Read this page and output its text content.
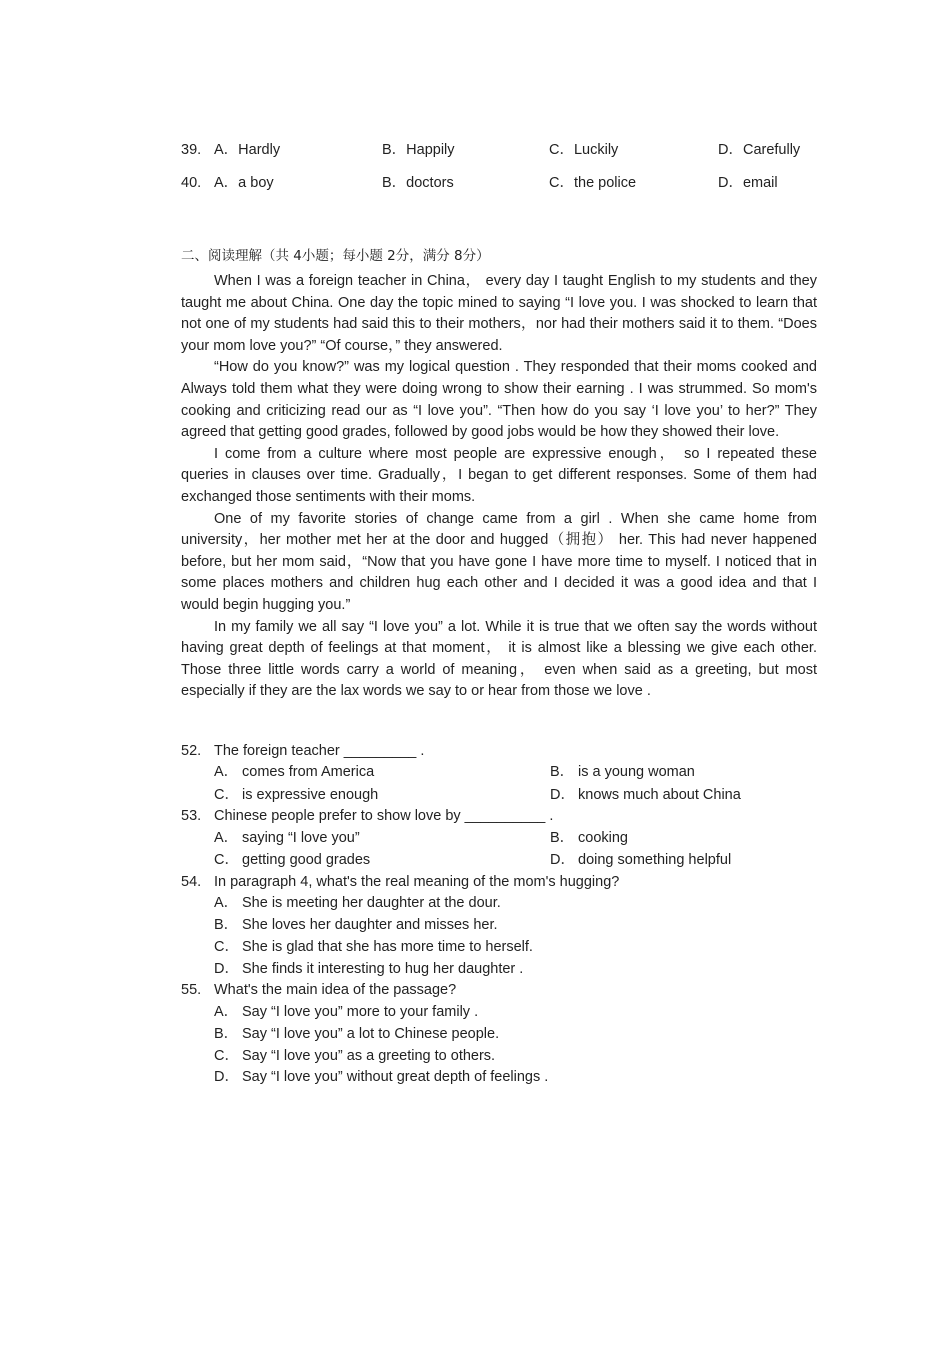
39. A．Hardly	B．Happily	C．Luckily	D．Carefully
40. A．a boy	B．doctors	C．the police	D．email
二、阅读理解（共 4小题；每小题 2分，满分 8分）

When I was a foreign teacher in China， every day I taught English to my students and they taught me about China. One day the topic mined to saying “I love you. I was shocked to learn that not one of my students had said this to their mothers，nor had their mothers said it to them. “Does your mom love you?” “Of course，” they answered.

“How do you know?” was my logical question . They responded that their moms cooked and Always told them what they were doing wrong to show their earning . I was strummed. So mom's cooking and criticizing read our as “I love you”. “Then how do you say ‘I love you’ to her?” They agreed that getting good grades, followed by good jobs would be how they showed their love.

I come from a culture where most people are expressive enough， so I repeated these queries in clauses over time. Gradually，I began to get different responses. Some of them had exchanged those sentiments with their moms.

One of my favorite stories of change came from a girl . When she came home from university，her mother met her at the door and hugged（拥抱） her. This had never happened before, but her mom said，“Now that you have gone I have more time to myself. I noticed that in some places mothers and children hug each other and I decided it was a good idea and that I would begin hugging you.”

In my family we all say “I love you” a lot. While it is true that we often say the words without having great depth of feelings at that moment， it is almost like a blessing we give each other. Those three little words carry a world of meaning， even when said as a greeting, but most especially if they are the lax words we say to or hear from those we love .

52. The foreign teacher _________ .
A． comes from America	B． is a young woman
C． is expressive enough	D． knows much about China
53. Chinese people prefer to show love by __________ .
A． saying “I love you”	B． cooking
C． getting good grades	D． doing something helpful
54. In paragraph 4, what's the real meaning of the mom's hugging?
A． She is meeting her daughter at the dour.
B． She loves her daughter and misses her.
C． She is glad that she has more time to herself.
D． She finds it interesting to hug her daughter .
55. What's the main idea of the passage?
A． Say “I love you” more to your family .
B． Say “I love you” a lot to Chinese people.
C． Say “I love you” as a greeting to others.
D． Say “I love you” without great depth of feelings .
